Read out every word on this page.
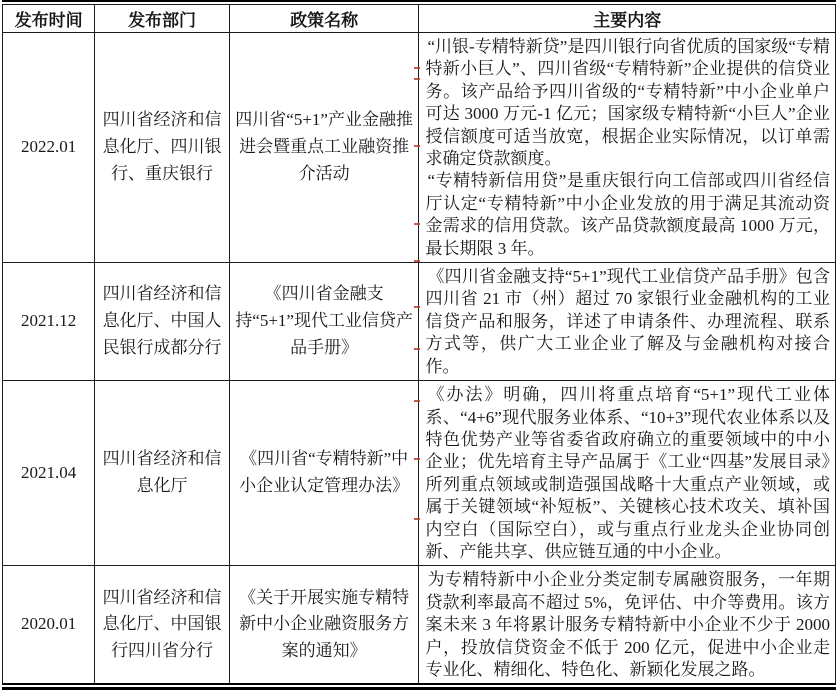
发布时间	发布部门	政策名称	主要内容
2022.01	四川省经济和信息化厅、四川银行、重庆银行	四川省“5+1”产业金融推进会暨重点工业融资推介活动	“川银-专精特新贷”是四川银行向省优质的国家级“专精特新小巨人”、四川省级“专精特新”企业提供的信贷业务。该产品给予四川省级的“专精特新”中小企业单户可达 3000 万元-1 亿元；国家级专精特新“小巨人”企业授信额度可适当放宽，根据企业实际情况，以订单需求确定贷款额度。

“专精特新信用贷”是重庆银行向工信部或四川省经信厅认定“专精特新”中小企业发放的用于满足其流动资金需求的信用贷款。该产品贷款额度最高 1000 万元，最长期限 3 年。

2021.12	四川省经济和信息化厅、中国人民银行成都分行	《四川省金融支持“5+1”现代工业信贷产品手册》	《四川省金融支持“5+1”现代工业信贷产品手册》包含四川省 21 市（州）超过 70 家银行业金融机构的工业信贷产品和服务，详述了申请条件、办理流程、联系方式等，供广大工业企业了解及与金融机构对接合作。

2021.04	四川省经济和信息化厅	《四川省“专精特新”中小企业认定管理办法》	《办法》明确，四川将重点培育“5+1”现代工业体系、“4+6”现代服务业体系、“10+3”现代农业体系以及特色优势产业等省委省政府确立的重要领域中的中小企业；优先培育主导产品属于《工业“四基”发展目录》所列重点领域或制造强国战略十大重点产业领域，或属于关键领域“补短板”、关键核心技术攻关、填补国内空白（国际空白），或与重点行业龙头企业协同创新、产能共享、供应链互通的中小企业。

2020.01	四川省经济和信息化厅、中国银行四川省分行	《关于开展实施专精特新中小企业融资服务方案的通知》	为专精特新中小企业分类定制专属融资服务，一年期贷款利率最高不超过 5%，免评估、中介等费用。该方案未来 3 年将累计服务专精特新中小企业不少于 2000 户，投放信贷资金不低于 200 亿元，促进中小企业走专业化、精细化、特色化、新颖化发展之路。
